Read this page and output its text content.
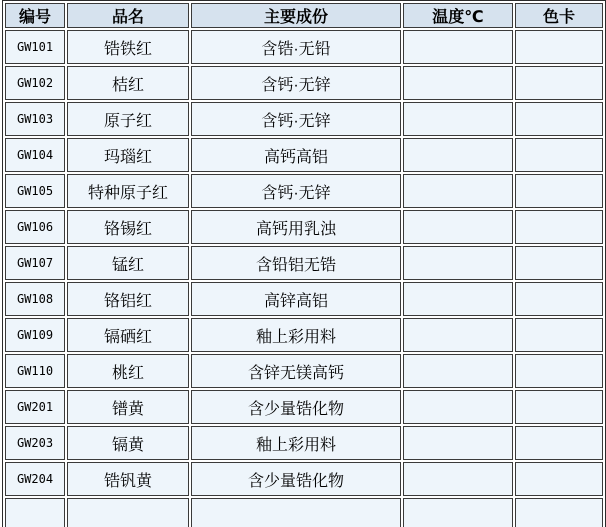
编号	品名	主要成份	温度℃	色卡
GW101	锆铁红	含锆·无铅		
GW102	桔红	含钙·无锌		
GW103	原子红	含钙·无锌		
GW104	玛瑙红	高钙高铝		
GW105	特种原子红	含钙·无锌		
GW106	铬锡红	高钙用乳浊		
GW107	锰红	含铅铝无锆		
GW108	铬铝红	高锌高铝		
GW109	镉硒红	釉上彩用料		
GW110	桃红	含锌无镁高钙		
GW201	镨黄	含少量锆化物		
GW203	镉黄	釉上彩用料		
GW204	锆钒黄	含少量锆化物		
